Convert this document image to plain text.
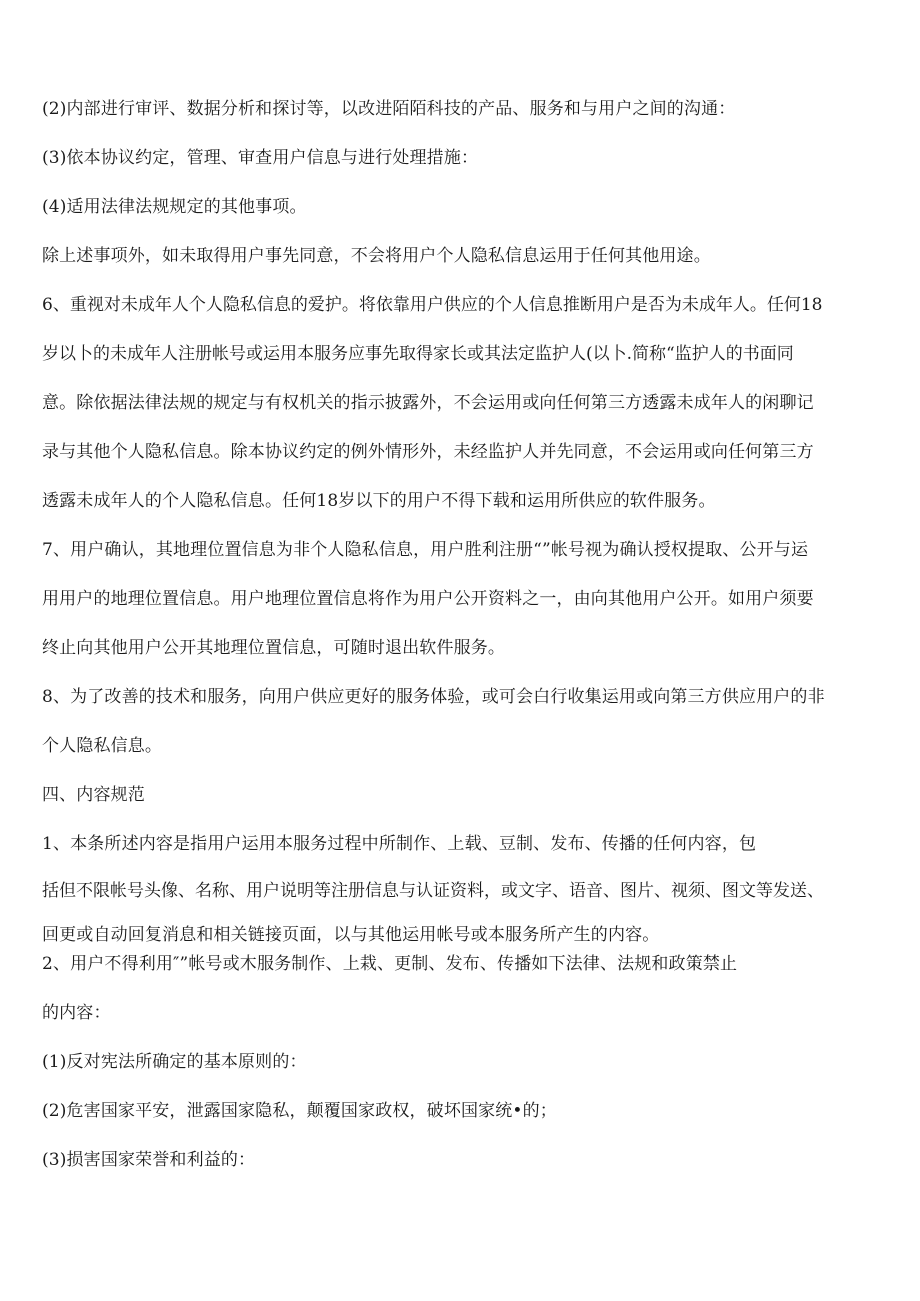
(2)内部进行审评、数据分析和探讨等，以改进陌陌科技的产品、服务和与用户之间的沟通：

(3)依本协议约定，管理、审查用户信息与进行处理措施：

(4)适用法律法规规定的其他事项。

除上述事项外，如未取得用户事先同意，不会将用户个人隐私信息运用于任何其他用途。

6、重视对未成年人个人隐私信息的爱护。将依靠用户供应的个人信息推断用户是否为未成年人。任何18

岁以卜的未成年人注册帐号或运用本服务应事先取得家长或其法定监护人(以卜.简称“监护人的书面同

意。除依据法律法规的规定与有权机关的指示披露外，不会运用或向任何第三方透露未成年人的闲聊记

录与其他个人隐私信息。除本协议约定的例外情形外，未经监护人并先同意，不会运用或向任何第三方

透露未成年人的个人隐私信息。任何18岁以下的用户不得下载和运用所供应的软件服务。

7、用户确认，其地理位置信息为非个人隐私信息，用户胜利注册“”帐号视为确认授权提取、公开与运

用用户的地理位置信息。用户地理位置信息将作为用户公开资料之一，由向其他用户公开。如用户须要

终止向其他用户公开其地理位置信息，可随时退出软件服务。

8、为了改善的技术和服务，向用户供应更好的服务体验，或可会白行收集运用或向第三方供应用户的非

个人隐私信息。

四、内容规范

1、本条所述内容是指用户运用本服务过程中所制作、上载、豆制、发布、传播的任何内容，包

括但不限帐号头像、名称、用户说明等注册信息与认证资料，或文字、语音、图片、视须、图文等发送、

回更或自动回复消息和相关链接页面，以与其他运用帐号或本服务所产生的内容。

2、用户不得利用″”帐号或木服务制作、上栽、更制、发布、传播如下法律、法规和政策禁止

的内容：

(1)反对宪法所确定的基本原则的：

(2)危害国家平安，泄露国家隐私，颠覆国家政权，破坏国家统•的；

(3)损害国家荣誉和利益的：
